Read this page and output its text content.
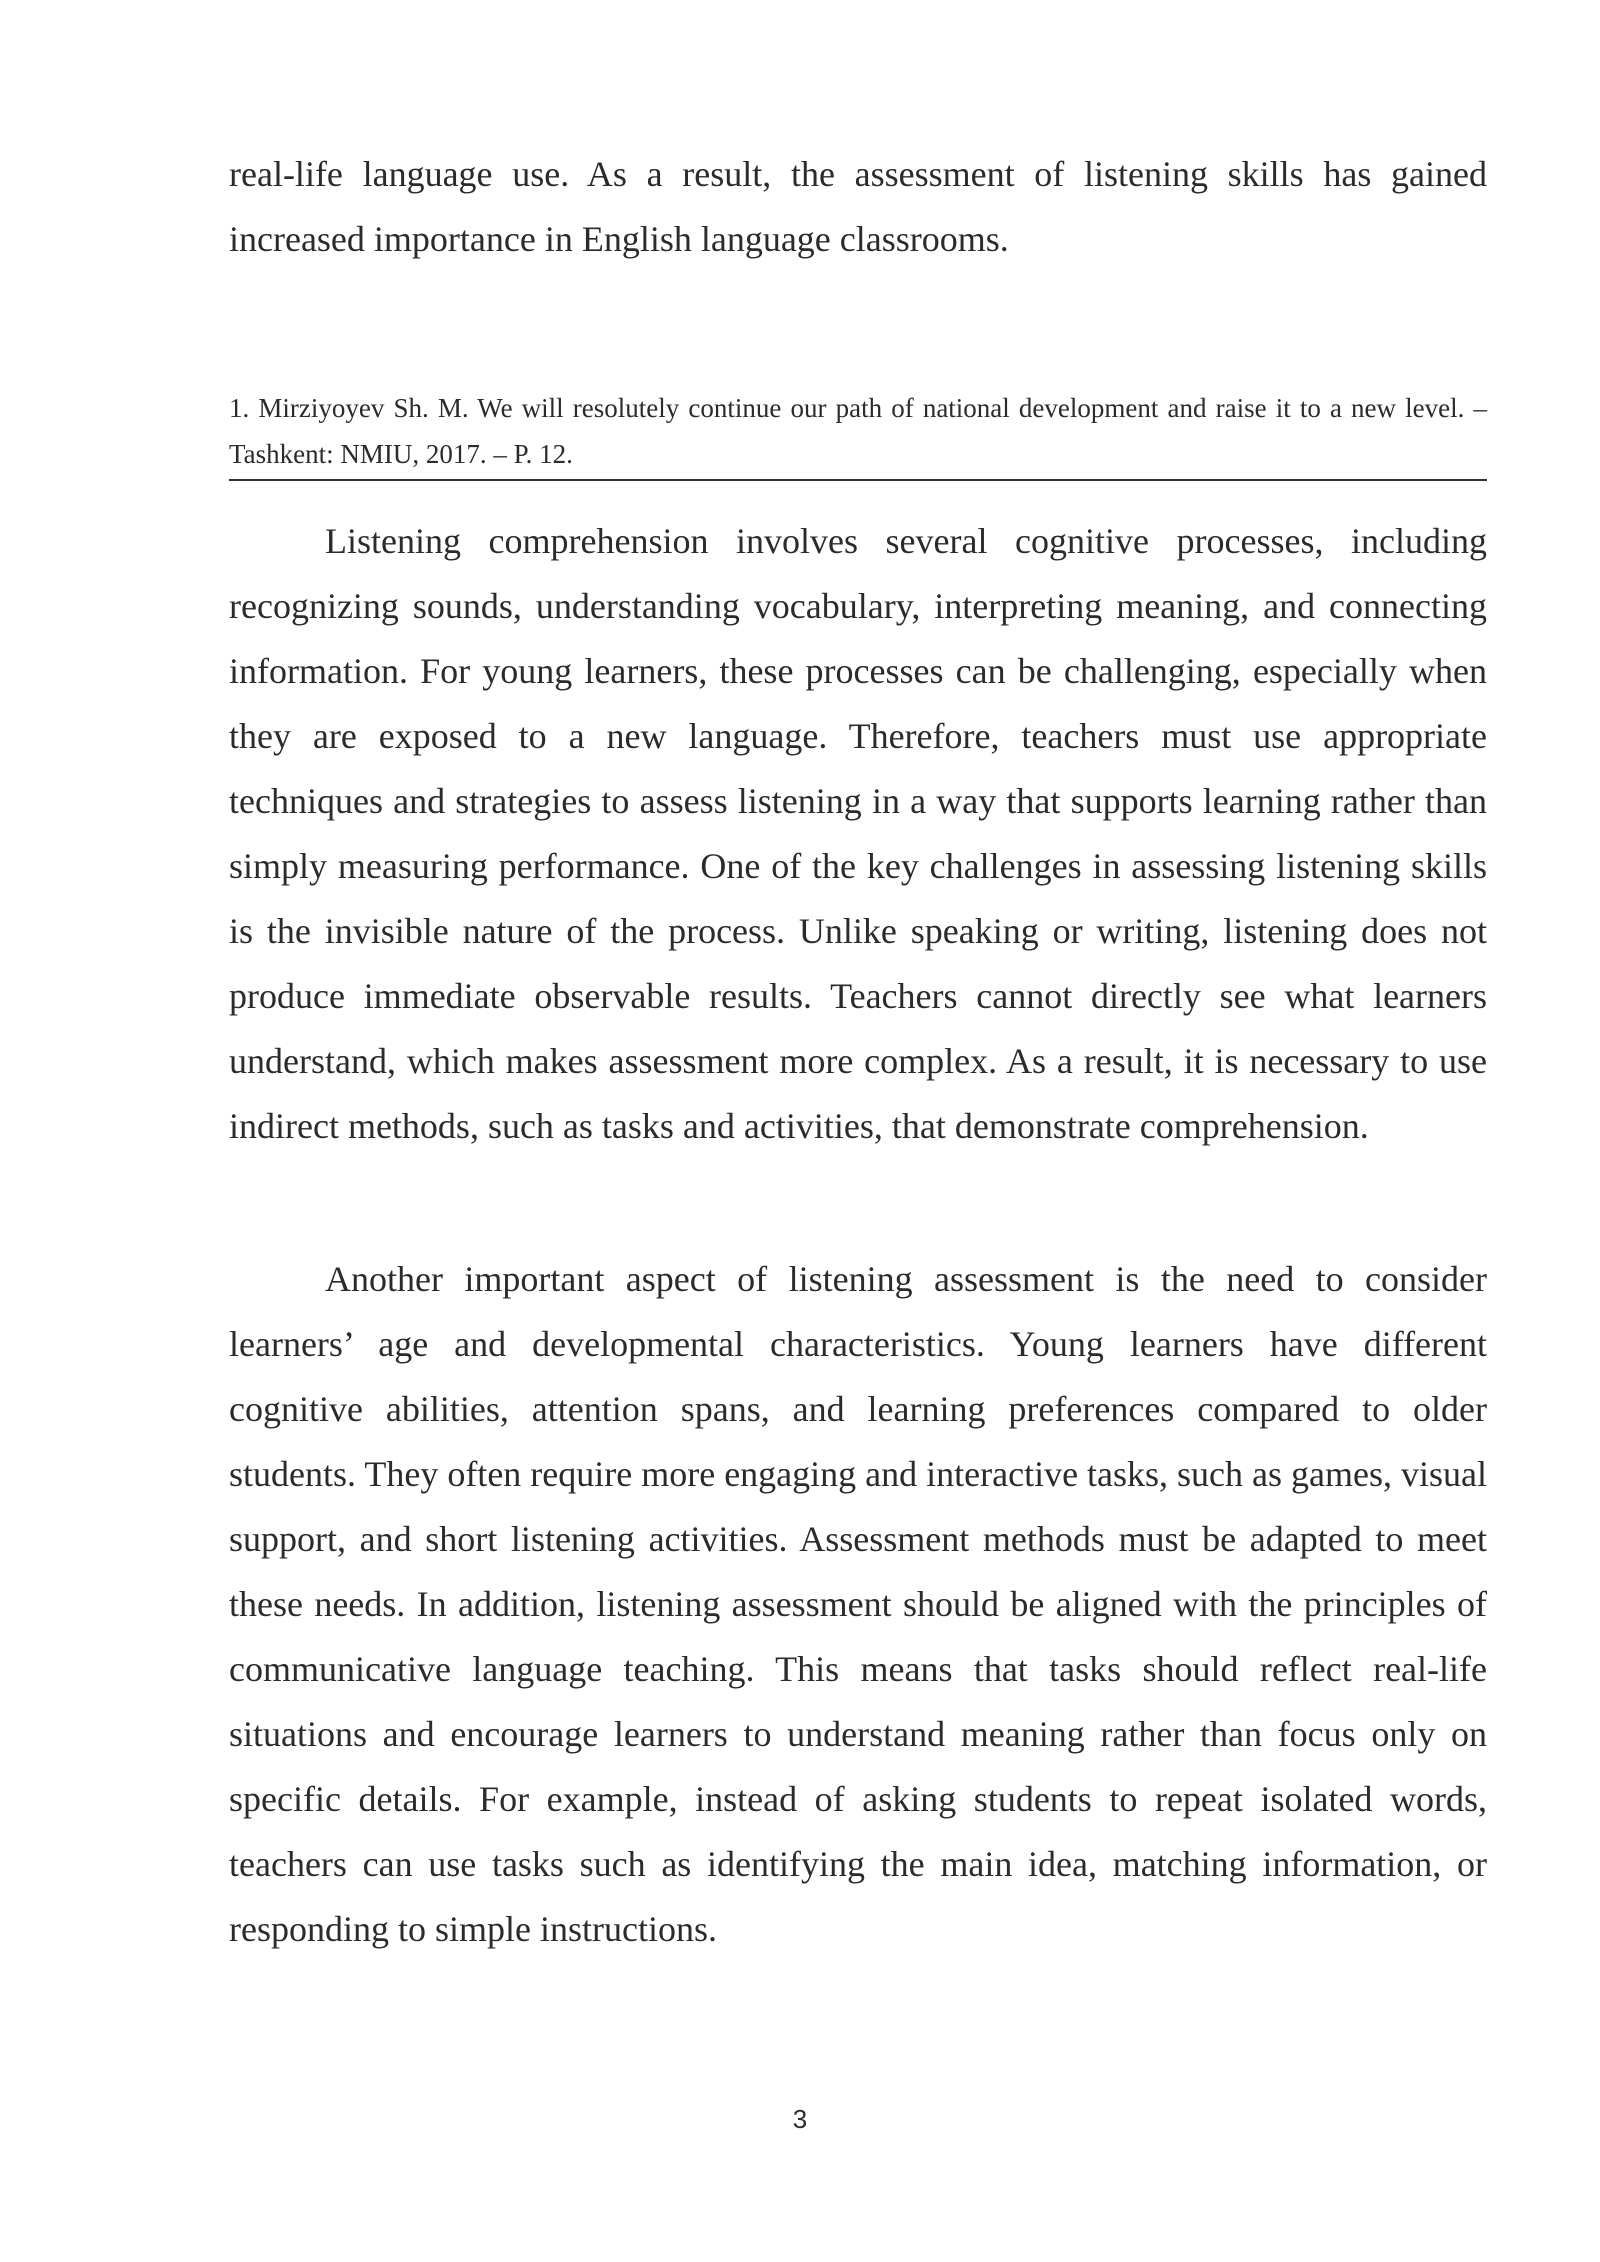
real-life language use. As a result, the assessment of listening skills has gained increased importance in English language classrooms.

1. Mirziyoyev Sh. M. We will resolutely continue our path of national development and raise it to a new level. – Tashkent: NMIU, 2017. – P. 12.

Listening comprehension involves several cognitive processes, including recognizing sounds, understanding vocabulary, interpreting meaning, and connecting information. For young learners, these processes can be challenging, especially when they are exposed to a new language. Therefore, teachers must use appropriate techniques and strategies to assess listening in a way that supports learning rather than simply measuring performance. One of the key challenges in assessing listening skills is the invisible nature of the process. Unlike speaking or writing, listening does not produce immediate observable results. Teachers cannot directly see what learners understand, which makes assessment more complex. As a result, it is necessary to use indirect methods, such as tasks and activities, that demonstrate comprehension.

Another important aspect of listening assessment is the need to consider learners’ age and developmental characteristics. Young learners have different cognitive abilities, attention spans, and learning preferences compared to older students. They often require more engaging and interactive tasks, such as games, visual support, and short listening activities. Assessment methods must be adapted to meet these needs. In addition, listening assessment should be aligned with the principles of communicative language teaching. This means that tasks should reflect real-life situations and encourage learners to understand meaning rather than focus only on specific details. For example, instead of asking students to repeat isolated words, teachers can use tasks such as identifying the main idea, matching information, or responding to simple instructions.

3
